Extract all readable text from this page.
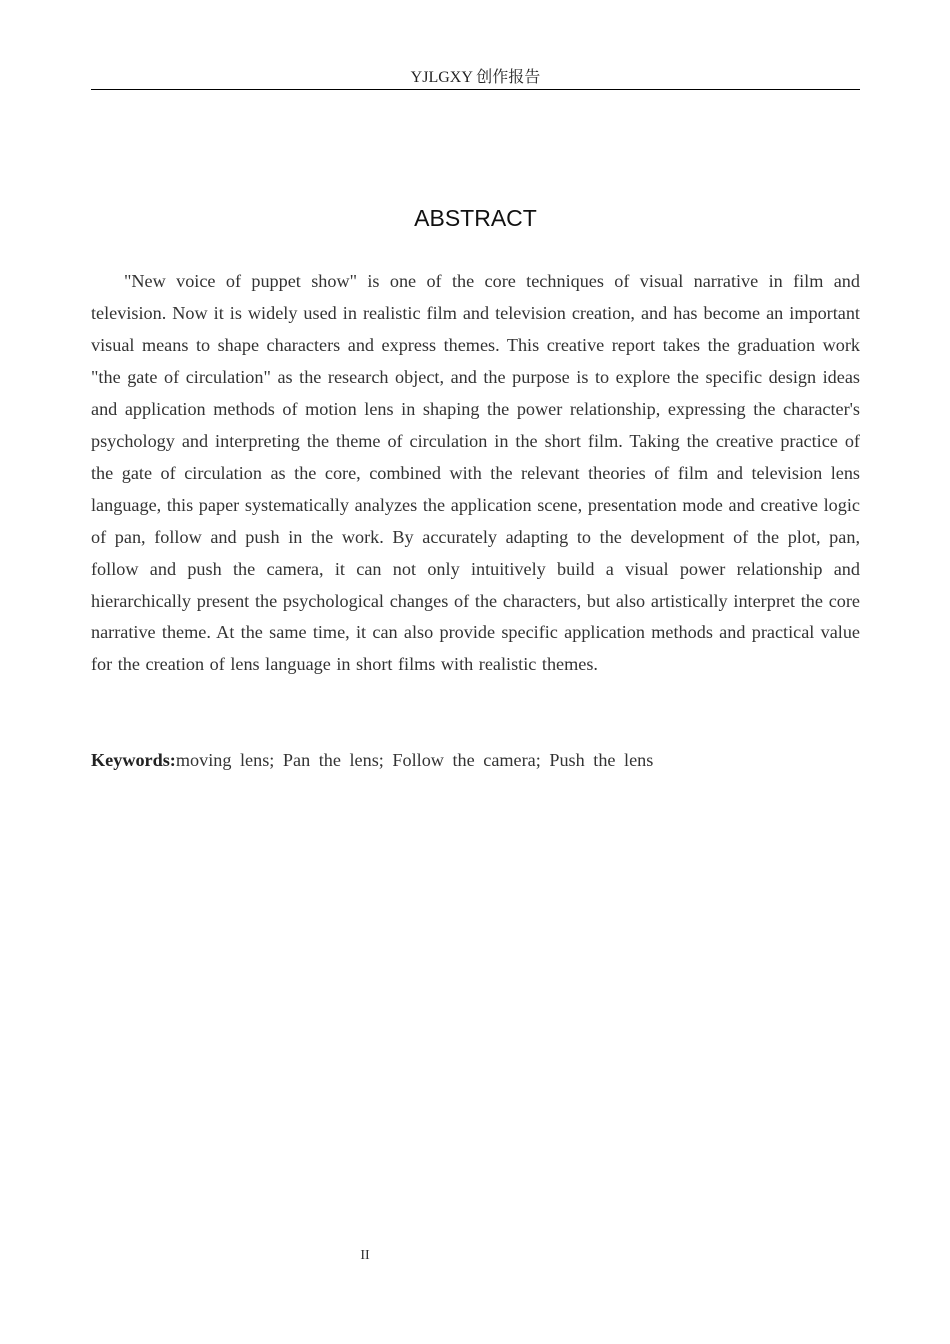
YJLGXY 创作报告
ABSTRACT

"New voice of puppet show" is one of the core techniques of visual narrative in film and television. Now it is widely used in realistic film and television creation, and has become an important visual means to shape characters and express themes. This creative report takes the graduation work "the gate of circulation" as the research object, and the purpose is to explore the specific design ideas and application methods of motion lens in shaping the power relationship, expressing the character's psychology and interpreting the theme of circulation in the short film. Taking the creative practice of the gate of circulation as the core, combined with the relevant theories of film and television lens language, this paper systematically analyzes the application scene, presentation mode and creative logic of pan, follow and push in the work. By accurately adapting to the development of the plot, pan, follow and push the camera, it can not only intuitively build a visual power relationship and hierarchically present the psychological changes of the characters, but also artistically interpret the core narrative theme. At the same time, it can also provide specific application methods and practical value for the creation of lens language in short films with realistic themes.

Keywords:moving lens; Pan the lens; Follow the camera; Push the lens

II
